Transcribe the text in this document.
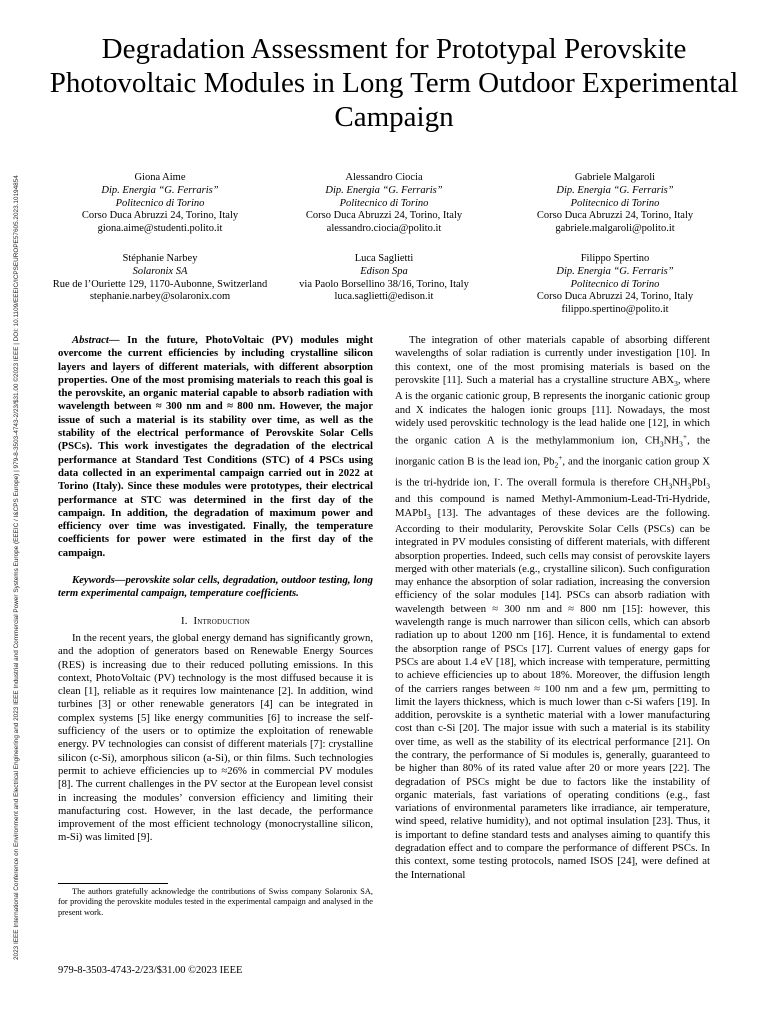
2023 IEEE International Conference on Environment and Electrical Engineering and 2023 IEEE Industrial and Commercial Power Systems Europe (EEEIC / I&CPS Europe) | 979-8-3503-4743-2/23/$31.00 ©2023 IEEE | DOI: 10.1109/EEEIC/ICPSEUROPE57605.2023.10194854
Degradation Assessment for Prototypal Perovskite Photovoltaic Modules in Long Term Outdoor Experimental Campaign
Giona Aime
Dip. Energia “G. Ferraris”
Politecnico di Torino
Corso Duca Abruzzi 24, Torino, Italy
giona.aime@studenti.polito.it
Alessandro Ciocia
Dip. Energia “G. Ferraris”
Politecnico di Torino
Corso Duca Abruzzi 24, Torino, Italy
alessandro.ciocia@polito.it
Gabriele Malgaroli
Dip. Energia “G. Ferraris”
Politecnico di Torino
Corso Duca Abruzzi 24, Torino, Italy
gabriele.malgaroli@polito.it
Stéphanie Narbey
Solaronix SA
Rue de l’Ouriette 129, 1170-Aubonne, Switzerland
stephanie.narbey@solaronix.com
Luca Saglietti
Edison Spa
via Paolo Borsellino 38/16, Torino, Italy
luca.saglietti@edison.it
Filippo Spertino
Dip. Energia “G. Ferraris”
Politecnico di Torino
Corso Duca Abruzzi 24, Torino, Italy
filippo.spertino@polito.it

Abstract— In the future, PhotoVoltaic (PV) modules might overcome the current efficiencies by including crystalline silicon layers and layers of different materials, with different absorption properties. One of the most promising materials to reach this goal is the perovskite, an organic material capable to absorb radiation with wavelength between ≈ 300 nm and ≈ 800 nm. However, the major issue of such a material is its stability over time, as well as the stability of the electrical performance of Perovskite Solar Cells (PSCs). This work investigates the degradation of the electrical performance at Standard Test Conditions (STC) of 4 PSCs using data collected in an experimental campaign carried out in 2022 at Torino (Italy). Since these modules were prototypes, their electrical performance at STC was determined in the first day of the campaign. In addition, the degradation of maximum power and efficiency over time was investigated. Finally, the temperature coefficients for power were estimated in the first day of the campaign.

Keywords—perovskite solar cells, degradation, outdoor testing, long term experimental campaign, temperature coefficients.

I. Introduction

In the recent years, the global energy demand has significantly grown, and the adoption of generators based on Renewable Energy Sources (RES) is increasing due to their reduced polluting emissions. In this context, PhotoVoltaic (PV) technology is the most diffused because it is clean [1], reliable as it requires low maintenance [2]. In addition, wind turbines [3] or other renewable generators [4] can be integrated in complex systems [5] like energy communities [6] to increase the self-sufficiency of the users or to optimize the exploitation of renewable energy. PV technologies can consist of different materials [7]: crystalline silicon (c-Si), amorphous silicon (a-Si), or thin films. Such technologies permit to achieve efficiencies up to ≈26% in commercial PV modules [8]. The current challenges in the PV sector at the European level consist in increasing the modules’ conversion efficiency and limiting their manufacturing cost. However, in the last decade, the performance improvement of the most efficient technology (monocrystalline silicon, m-Si) was limited [9].

The authors gratefully acknowledge the contributions of Swiss company Solaronix SA, for providing the perovskite modules tested in the experimental campaign and analysed in the present work.

979-8-3503-4743-2/23/$31.00 ©2023 IEEE

The integration of other materials capable of absorbing different wavelengths of solar radiation is currently under investigation [10]. In this context, one of the most promising materials is based on the perovskite [11]. Such a material has a crystalline structure $ABX_3$, where A is the organic cationic group, B represents the inorganic cationic group and X indicates the halogen ionic groups [11]. Nowadays, the most widely used perovskitic technology is the lead halide one [12], in which the organic cation A is the methylammonium ion, $CH_3NH_3^+$, the inorganic cation B is the lead ion, $Pb_2^+$, and the inorganic cation group X is the tri-hydride ion, I-. The overall formula is therefore $CH_3NH_3PbI_3$ and this compound is named Methyl-Ammonium-Lead-Tri-Hydride, MAPbI$_3$ [13]. The advantages of these devices are the following. According to their modularity, Perovskite Solar Cells (PSCs) can be integrated in PV modules consisting of different materials, with different absorption properties. Indeed, such cells may consist of perovskite layers merged with other materials (e.g., crystalline silicon). Such configuration may enhance the absorption of solar radiation, increasing the conversion efficiency of the solar modules [14]. PSCs can absorb radiation with wavelength between ≈ 300 nm and ≈ 800 nm [15]: however, this wavelength range is much narrower than silicon cells, which can absorb radiation up to about 1200 nm [16]. Hence, it is fundamental to extend the absorption range of PSCs [17]. Current values of energy gaps for PSCs are about 1.4 eV [18], which increase with temperature, permitting to achieve efficiencies up to about 18%. Moreover, the diffusion length of the carriers ranges between ≈ 100 nm and a few μm, permitting to limit the layers thickness, which is much lower than c-Si wafers [19]. In addition, perovskite is a synthetic material with a lower manufacturing cost than c-Si [20]. The major issue with such a material is its stability over time, as well as the stability of its electrical performance [21]. On the contrary, the performance of Si modules is, generally, guaranteed to be higher than 80% of its rated value after 20 or more years [22]. The degradation of PSCs might be due to factors like the instability of organic materials, fast variations of operating conditions (e.g., fast variations of environmental parameters like irradiance, air temperature, wind speed, relative humidity), and not optimal insulation [23]. Thus, it is important to define standard tests and analyses aiming to quantify this degradation effect and to compare the performance of different PSCs. In this context, some testing protocols, named ISOS [24], were defined at the International
